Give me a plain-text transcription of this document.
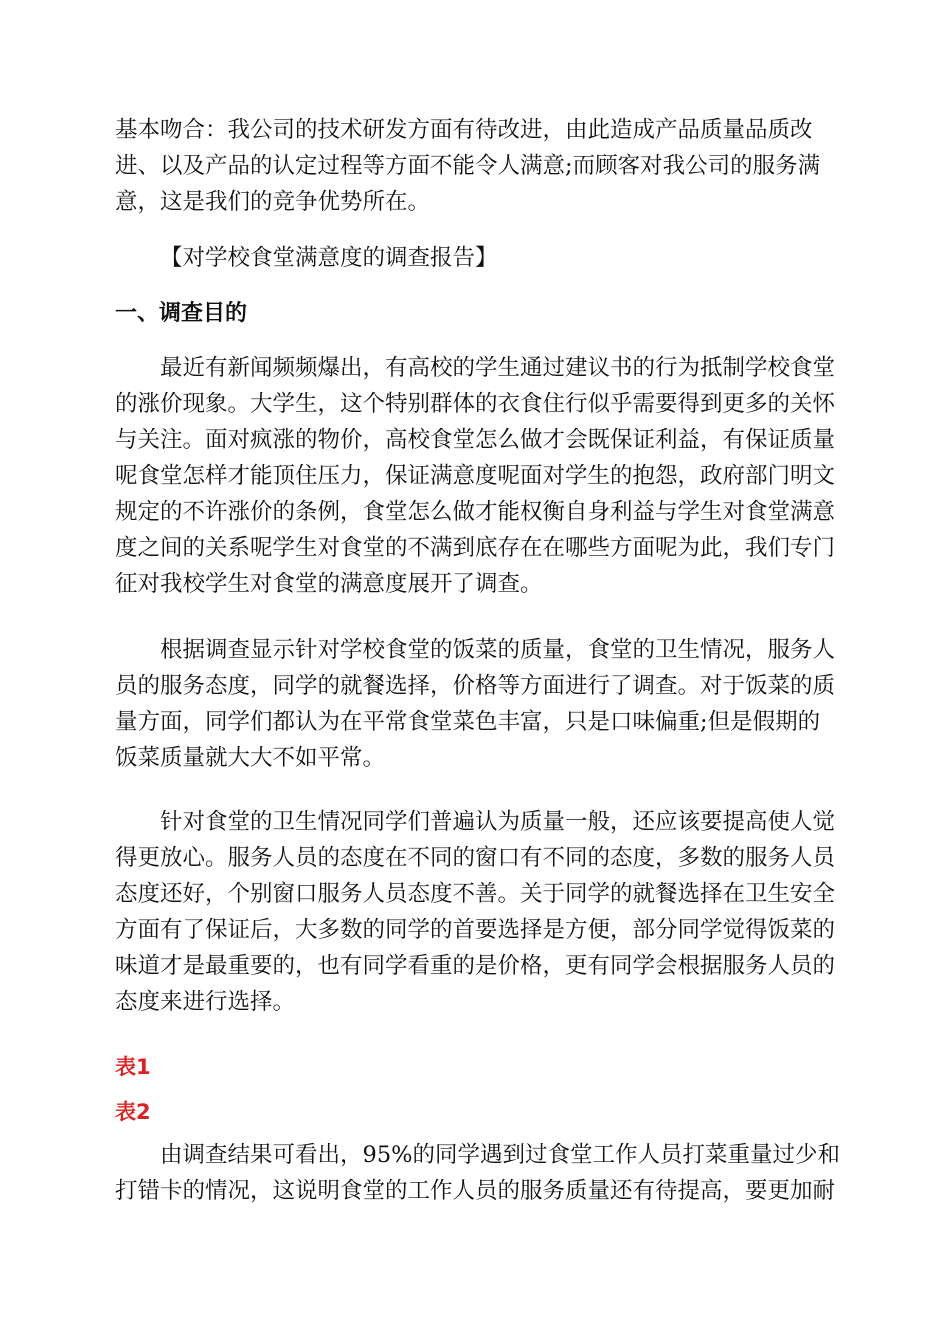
基本吻合：我公司的技术研发方面有待改进，由此造成产品质量品质改
进、以及产品的认定过程等方面不能令人满意;而顾客对我公司的服务满
意，这是我们的竞争优势所在。
【对学校食堂满意度的调查报告】
一、调查目的
最近有新闻频频爆出，有高校的学生通过建议书的行为抵制学校食堂
的涨价现象。大学生，这个特别群体的衣食住行似乎需要得到更多的关怀
与关注。面对疯涨的物价，高校食堂怎么做才会既保证利益，有保证质量
呢食堂怎样才能顶住压力，保证满意度呢面对学生的抱怨，政府部门明文
规定的不许涨价的条例，食堂怎么做才能权衡自身利益与学生对食堂满意
度之间的关系呢学生对食堂的不满到底存在在哪些方面呢为此，我们专门
征对我校学生对食堂的满意度展开了调查。
根据调查显示针对学校食堂的饭菜的质量，食堂的卫生情况，服务人
员的服务态度，同学的就餐选择，价格等方面进行了调查。对于饭菜的质
量方面，同学们都认为在平常食堂菜色丰富，只是口味偏重;但是假期的
饭菜质量就大大不如平常。
针对食堂的卫生情况同学们普遍认为质量一般，还应该要提高使人觉
得更放心。服务人员的态度在不同的窗口有不同的态度，多数的服务人员
态度还好，个别窗口服务人员态度不善。关于同学的就餐选择在卫生安全
方面有了保证后，大多数的同学的首要选择是方便，部分同学觉得饭菜的
味道才是最重要的，也有同学看重的是价格，更有同学会根据服务人员的
态度来进行选择。
表1
表2
由调查结果可看出，95%的同学遇到过食堂工作人员打菜重量过少和
打错卡的情况，这说明食堂的工作人员的服务质量还有待提高，要更加耐
